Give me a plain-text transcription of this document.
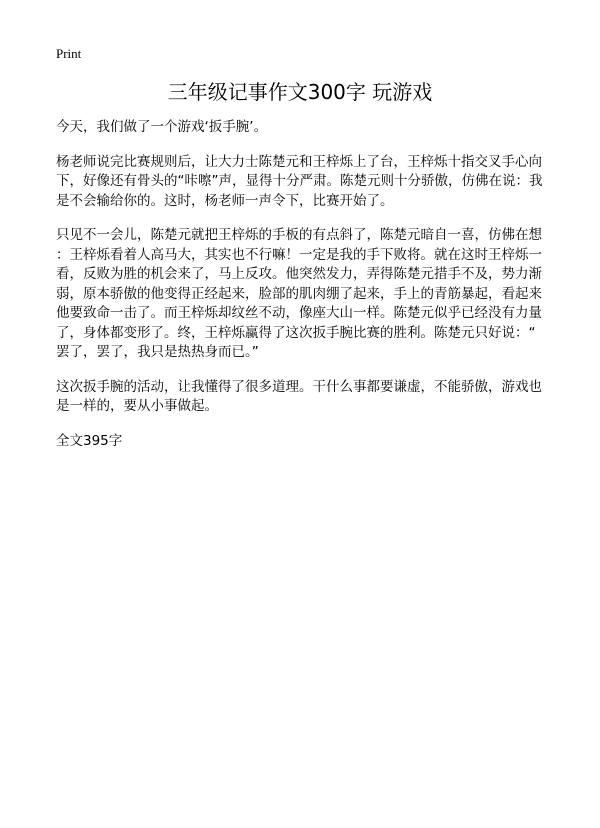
Print
三年级记事作文300字 玩游戏

今天，我们做了一个游戏‘扳手腕’。

杨老师说完比赛规则后，让大力士陈楚元和王梓烁上了台，王梓烁十指交叉手心向
下，好像还有骨头的“咔嚓”声，显得十分严肃。陈楚元则十分骄傲，仿佛在说：我
是不会输给你的。这时，杨老师一声令下，比赛开始了。

只见不一会儿，陈楚元就把王梓烁的手板的有点斜了，陈楚元暗自一喜，仿佛在想
：王梓烁看着人高马大，其实也不行嘛！一定是我的手下败将。就在这时王梓烁一
看，反败为胜的机会来了，马上反攻。他突然发力，弄得陈楚元措手不及，势力渐
弱，原本骄傲的他变得正经起来，脸部的肌肉绷了起来，手上的青筋暴起，看起来
他要致命一击了。而王梓烁却纹丝不动，像座大山一样。陈楚元似乎已经没有力量
了，身体都变形了。终，王梓烁赢得了这次扳手腕比赛的胜利。陈楚元只好说：“
罢了，罢了，我只是热热身而已。”

这次扳手腕的活动，让我懂得了很多道理。干什么事都要谦虚，不能骄傲，游戏也
是一样的，要从小事做起。

全文395字
